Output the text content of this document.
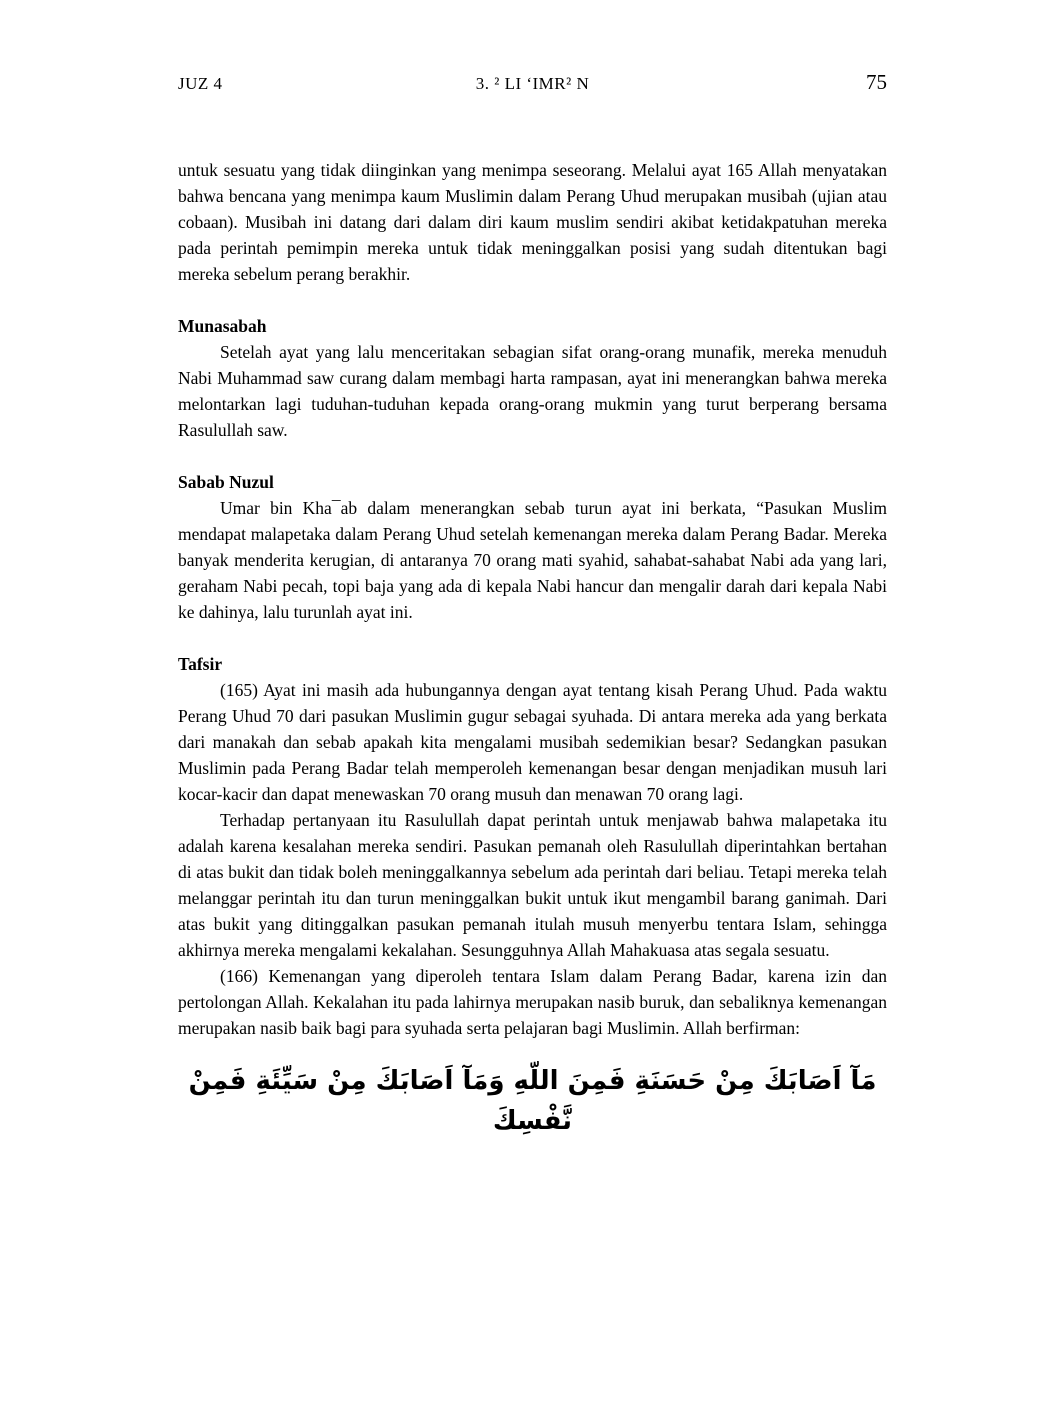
JUZ 4	3. ² LI ‘IMR² N	75

untuk sesuatu yang tidak diinginkan yang menimpa seseorang. Melalui ayat 165 Allah menyatakan bahwa bencana yang menimpa kaum Muslimin dalam Perang Uhud merupakan musibah (ujian atau cobaan). Musibah ini datang dari dalam diri kaum muslim sendiri akibat ketidakpatuhan mereka pada perintah pemimpin mereka untuk tidak meninggalkan posisi yang sudah ditentukan bagi mereka sebelum perang berakhir.

Munasabah

Setelah ayat yang lalu menceritakan sebagian sifat orang-orang munafik, mereka menuduh Nabi Muhammad saw curang dalam membagi harta rampasan, ayat ini menerangkan bahwa mereka melontarkan lagi tuduhan-tuduhan kepada orang-orang mukmin yang turut berperang bersama Rasulullah saw.

Sabab Nuzul

Umar bin Kha¯ab dalam menerangkan sebab turun ayat ini berkata, “Pasukan Muslim mendapat malapetaka dalam Perang Uhud setelah kemenangan mereka dalam Perang Badar. Mereka banyak menderita kerugian, di antaranya 70 orang mati syahid, sahabat-sahabat Nabi ada yang lari, geraham Nabi pecah, topi baja yang ada di kepala Nabi hancur dan mengalir darah dari kepala Nabi ke dahinya, lalu turunlah ayat ini.

Tafsir

(165) Ayat ini masih ada hubungannya dengan ayat tentang kisah Perang Uhud. Pada waktu Perang Uhud 70 dari pasukan Muslimin gugur sebagai syuhada. Di antara mereka ada yang berkata dari manakah dan sebab apakah kita mengalami musibah sedemikian besar? Sedangkan pasukan Muslimin pada Perang Badar telah memperoleh kemenangan besar dengan menjadikan musuh lari kocar-kacir dan dapat menewaskan 70 orang musuh dan menawan 70 orang lagi.

Terhadap pertanyaan itu Rasulullah dapat perintah untuk menjawab bahwa malapetaka itu adalah karena kesalahan mereka sendiri. Pasukan pemanah oleh Rasulullah diperintahkan bertahan di atas bukit dan tidak boleh meninggalkannya sebelum ada perintah dari beliau. Tetapi mereka telah melanggar perintah itu dan turun meninggalkan bukit untuk ikut mengambil barang ganimah. Dari atas bukit yang ditinggalkan pasukan pemanah itulah musuh menyerbu tentara Islam, sehingga akhirnya mereka mengalami kekalahan. Sesungguhnya Allah Mahakuasa atas segala sesuatu.

(166) Kemenangan yang diperoleh tentara Islam dalam Perang Badar, karena izin dan pertolongan Allah. Kekalahan itu pada lahirnya merupakan nasib buruk, dan sebaliknya kemenangan merupakan nasib baik bagi para syuhada serta pelajaran bagi Muslimin. Allah berfirman:

مَآ اَصَابَكَ مِنْ حَسَنَةِ فَمِنَ اللّهِ وَمَآ اَصَابَكَ مِنْ سَيِّئَةِ فَمِنْ نَّفْسِكَ
